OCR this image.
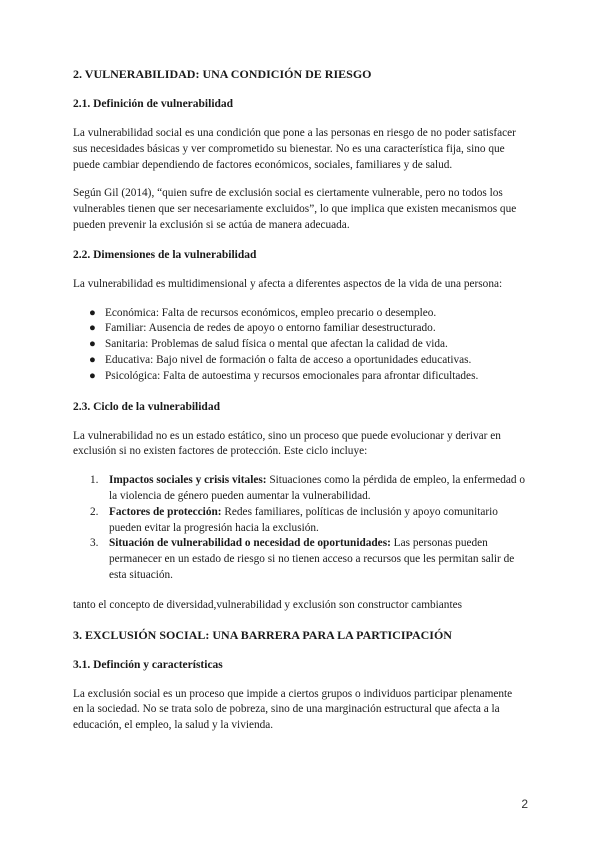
2. VULNERABILIDAD: UNA CONDICIÓN DE RIESGO
2.1. Definición de vulnerabilidad

La vulnerabilidad social es una condición que pone a las personas en riesgo de no poder satisfacer sus necesidades básicas y ver comprometido su bienestar. No es una característica fija, sino que puede cambiar dependiendo de factores económicos, sociales, familiares y de salud.

Según Gil (2014), “quien sufre de exclusión social es ciertamente vulnerable, pero no todos los vulnerables tienen que ser necesariamente excluidos”, lo que implica que existen mecanismos que pueden prevenir la exclusión si se actúa de manera adecuada.

2.2. Dimensiones de la vulnerabilidad

La vulnerabilidad es multidimensional y afecta a diferentes aspectos de la vida de una persona:

● Económica: Falta de recursos económicos, empleo precario o desempleo.
● Familiar: Ausencia de redes de apoyo o entorno familiar desestructurado.
● Sanitaria: Problemas de salud física o mental que afectan la calidad de vida.
● Educativa: Bajo nivel de formación o falta de acceso a oportunidades educativas.
● Psicológica: Falta de autoestima y recursos emocionales para afrontar dificultades.
2.3. Ciclo de la vulnerabilidad

La vulnerabilidad no es un estado estático, sino un proceso que puede evolucionar y derivar en exclusión si no existen factores de protección. Este ciclo incluye:

1. Impactos sociales y crisis vitales: Situaciones como la pérdida de empleo, la enfermedad o la violencia de género pueden aumentar la vulnerabilidad.
2. Factores de protección: Redes familiares, políticas de inclusión y apoyo comunitario pueden evitar la progresión hacia la exclusión.
3. Situación de vulnerabilidad o necesidad de oportunidades: Las personas pueden permanecer en un estado de riesgo si no tienen acceso a recursos que les permitan salir de esta situación.

tanto el concepto de diversidad,vulnerabilidad y exclusión son constructor cambiantes

3. EXCLUSIÓN SOCIAL: UNA BARRERA PARA LA PARTICIPACIÓN
3.1. Definción y características

La exclusión social es un proceso que impide a ciertos grupos o individuos participar plenamente en la sociedad. No se trata solo de pobreza, sino de una marginación estructural que afecta a la educación, el empleo, la salud y la vivienda.

2
